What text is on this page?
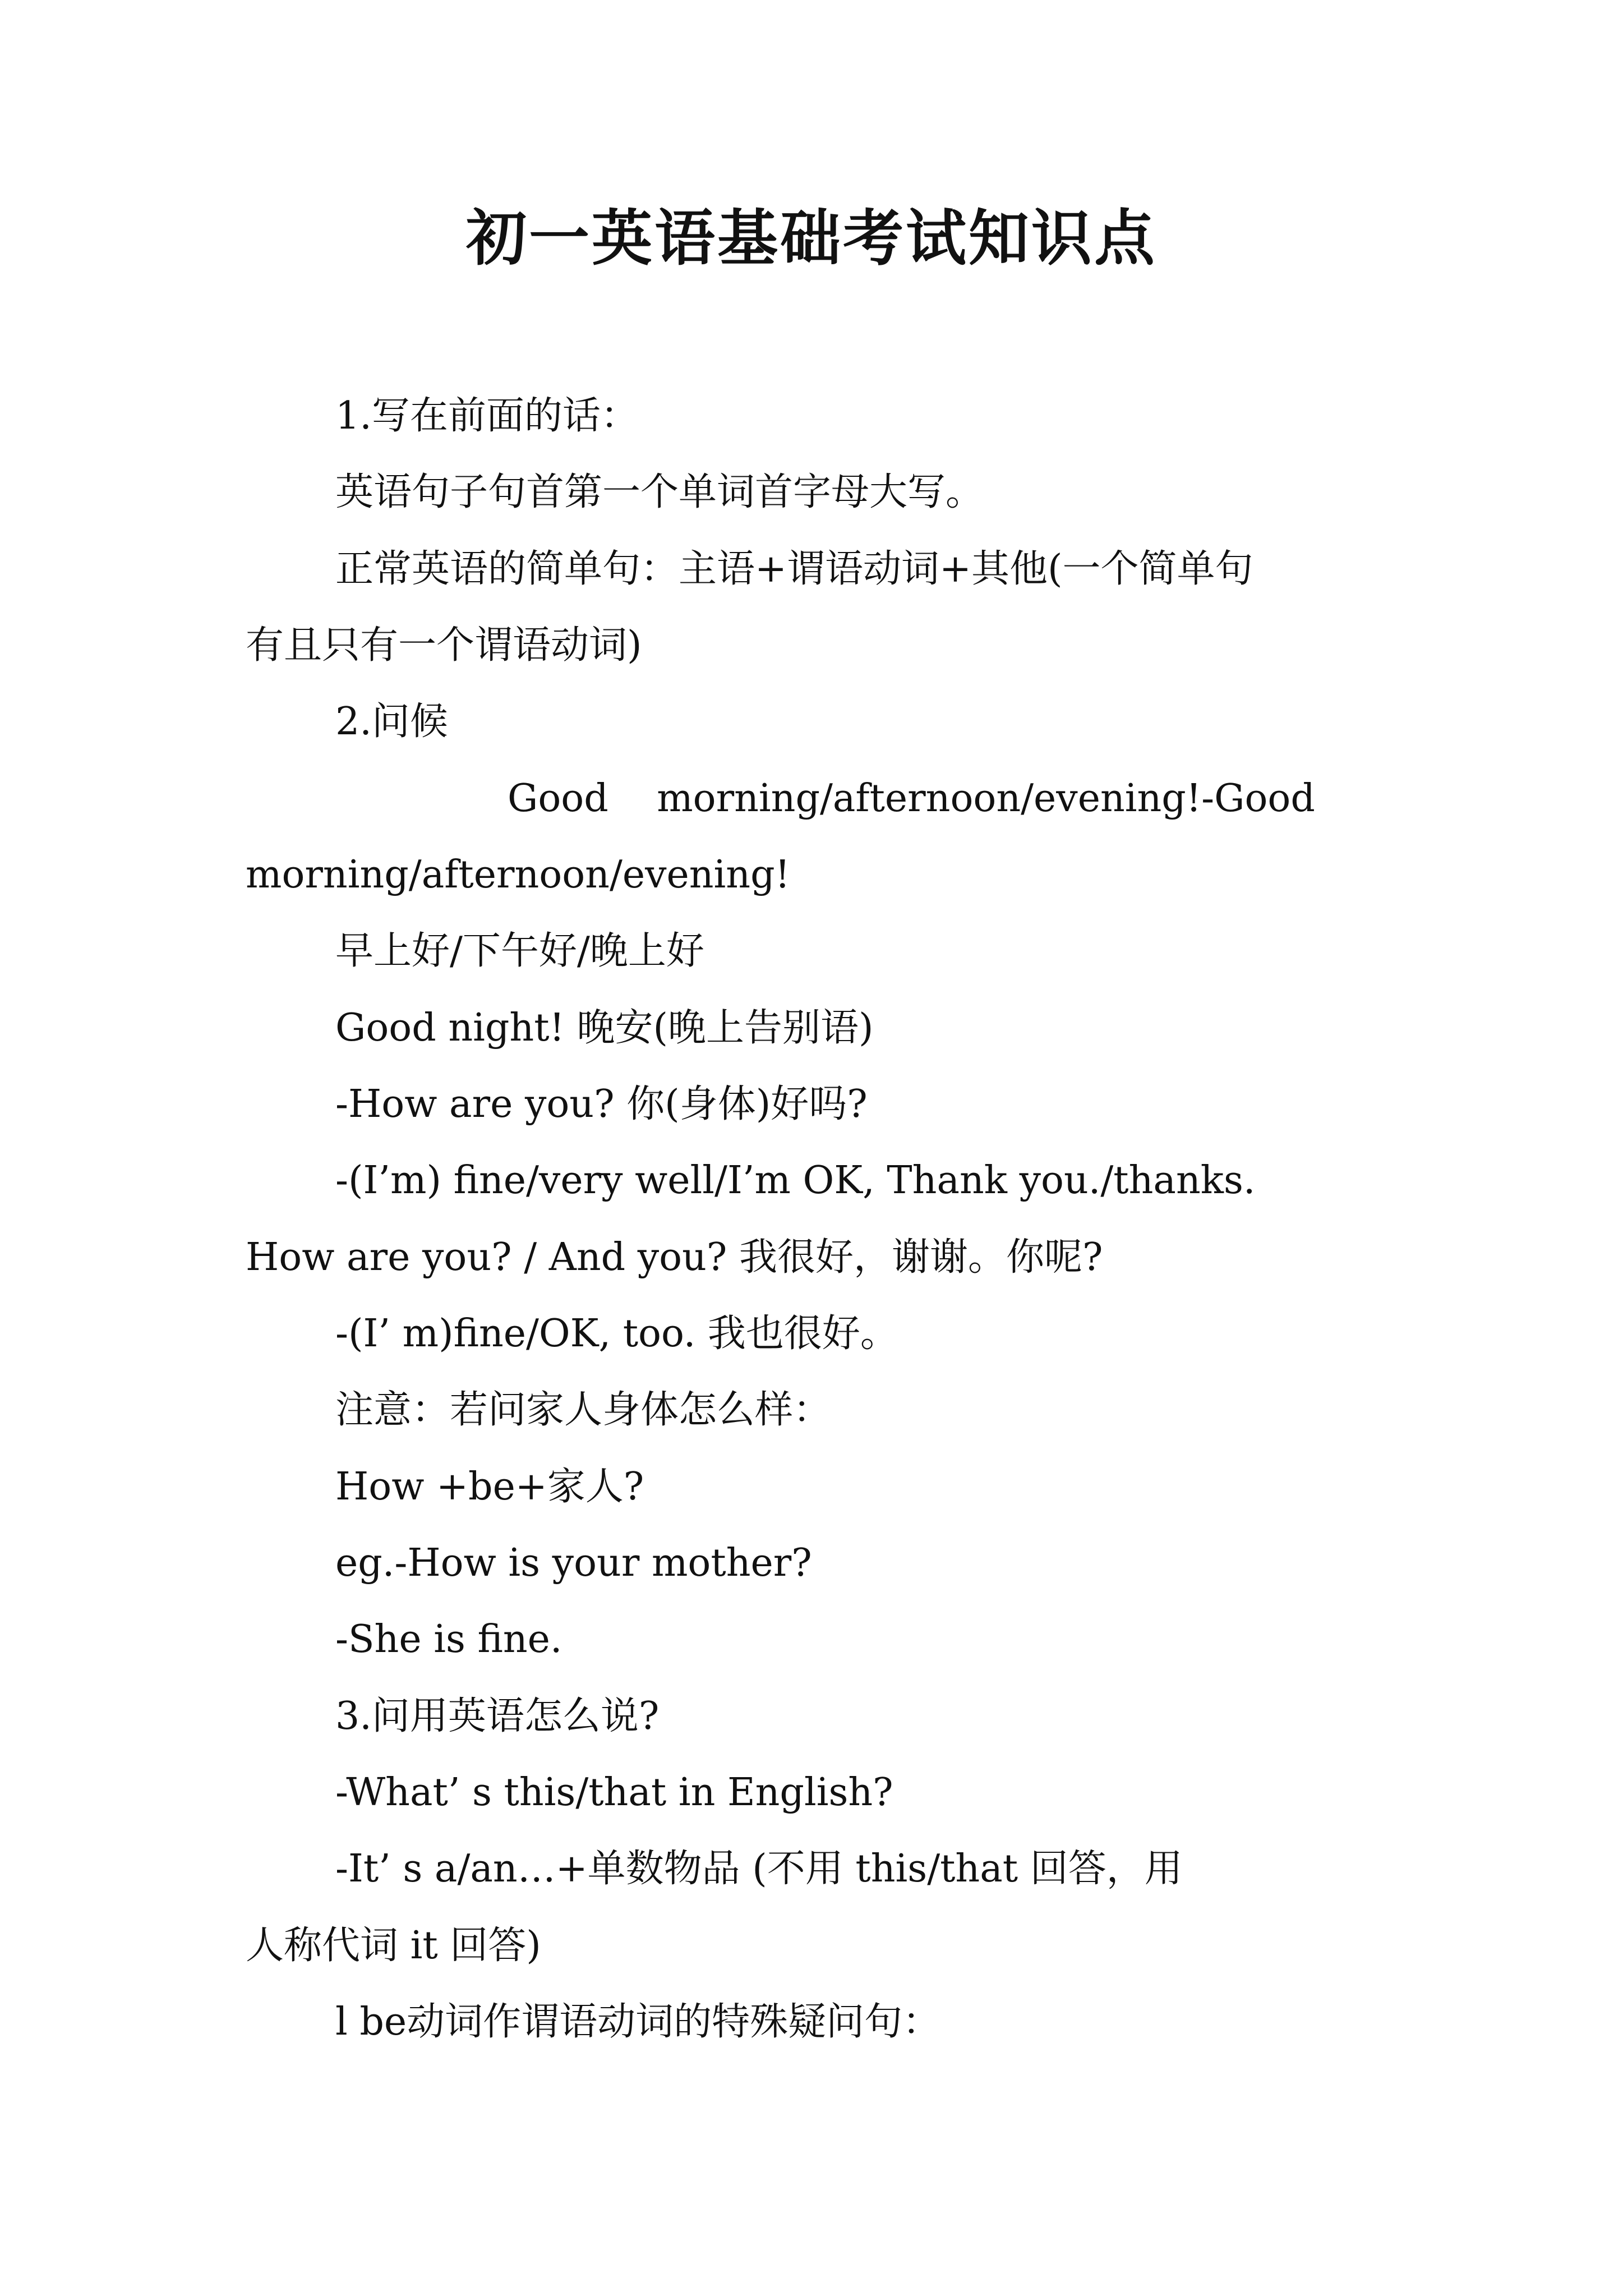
初一英语基础考试知识点
1.写在前面的话：
英语句子句首第一个单词首字母大写。
正常英语的简单句：主语+谓语动词+其他(一个简单句
有且只有一个谓语动词)
2.问候
Good    morning/afternoon/evening!-Good
morning/afternoon/evening!
早上好/下午好/晚上好
Good night! 晚安(晚上告别语)
-How are you? 你(身体)好吗?
-(I’m) fine/very well/I’m OK, Thank you./thanks.
How are you? / And you? 我很好，谢谢。你呢?
-(I’ m)fine/OK, too. 我也很好。
注意：若问家人身体怎么样：
How +be+家人?
eg.-How is your mother?
-She is fine.
3.问用英语怎么说?
-What’ s this/that in English?
-It’ s a/an…+单数物品 (不用 this/that 回答，用
人称代词 it 回答)
l be动词作谓语动词的特殊疑问句：
